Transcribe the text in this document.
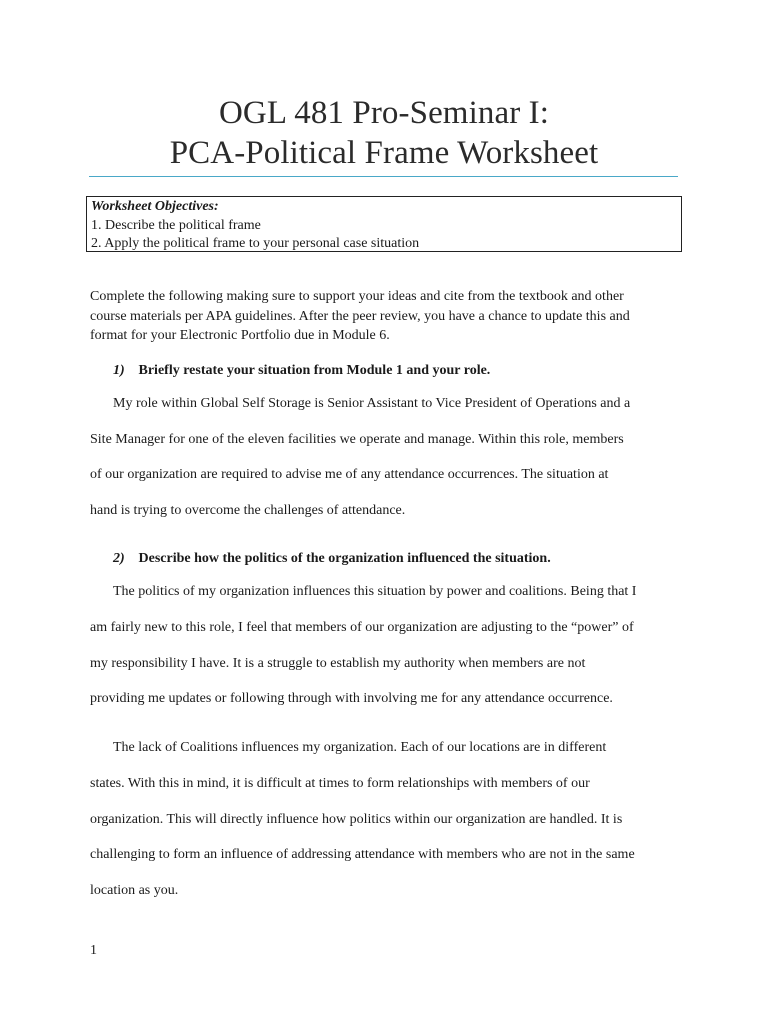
OGL 481 Pro-Seminar I:
PCA-Political Frame Worksheet
Worksheet Objectives:
1. Describe the political frame
2. Apply the political frame to your personal case situation
Complete the following making sure to support your ideas and cite from the textbook and other
course materials per APA guidelines. After the peer review, you have a chance to update this and
format for your Electronic Portfolio due in Module 6.
1) Briefly restate your situation from Module 1 and your role.
My role within Global Self Storage is Senior Assistant to Vice President of Operations and a
Site Manager for one of the eleven facilities we operate and manage. Within this role, members
of our organization are required to advise me of any attendance occurrences. The situation at
hand is trying to overcome the challenges of attendance.
2) Describe how the politics of the organization influenced the situation.
The politics of my organization influences this situation by power and coalitions. Being that I
am fairly new to this role, I feel that members of our organization are adjusting to the “power” of
my responsibility I have. It is a struggle to establish my authority when members are not
providing me updates or following through with involving me for any attendance occurrence.
The lack of Coalitions influences my organization. Each of our locations are in different
states. With this in mind, it is difficult at times to form relationships with members of our
organization. This will directly influence how politics within our organization are handled. It is
challenging to form an influence of addressing attendance with members who are not in the same
location as you.
1
